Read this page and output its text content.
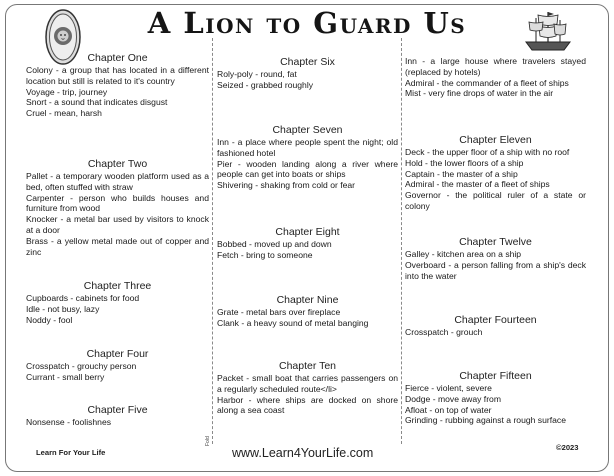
A Lion to Guard Us
Chapter One

Colony - a group that has located in a different location but still is related to it's country

Voyage - trip, journey

Snort - a sound that indicates disgust

Cruel - mean, harsh

Chapter Two

Pallet - a temporary wooden platform used as a bed, often stuffed with straw

Carpenter - person who builds houses and furniture from wood

Knocker - a metal bar used by visitors to knock at a door

Brass - a yellow metal made out of copper and zinc

Chapter Three

Cupboards - cabinets for food

Idle - not busy, lazy

Noddy - fool

Chapter Four

Crosspatch - grouchy person

Currant - small berry

Chapter Five

Nonsense - foolishnes

Chapter Six

Roly-poly - round, fat

Seized - grabbed roughly

Chapter Seven

Inn - a place where people spent the night; old fashioned hotel

Pier - wooden landing along a river where people can get into boats or ships

Shivering - shaking from cold or fear

Chapter Eight

Bobbed - moved up and down

Fetch - bring to someone

Chapter Nine

Grate - metal bars over fireplace

Clank - a heavy sound of metal banging

Chapter Ten

Packet - small boat that carries passengers on a regularly scheduled route</li>

Harbor - where ships are docked on shore along a sea coast

Inn - a large house where travelers stayed (replaced by hotels)

Admiral - the commander of a fleet of ships

Mist - very fine drops of water in the air

Chapter Eleven

Deck - the upper floor of a ship with no roof

Hold - the lower floors of a ship

Captain - the master of a ship

Admiral - the master of a fleet of ships

Governor - the political ruler of a state or colony

Chapter Twelve

Galley - kitchen area on a ship

Overboard - a person falling from a ship's deck into the water

Chapter Fourteen

Crosspatch - grouch

Chapter Fifteen

Fierce - violent, severe

Dodge - move away from

Afloat - on top of water

Grinding - rubbing against a rough surface

Learn For Your Life
Fold
www.Learn4YourLife.com	©2023
